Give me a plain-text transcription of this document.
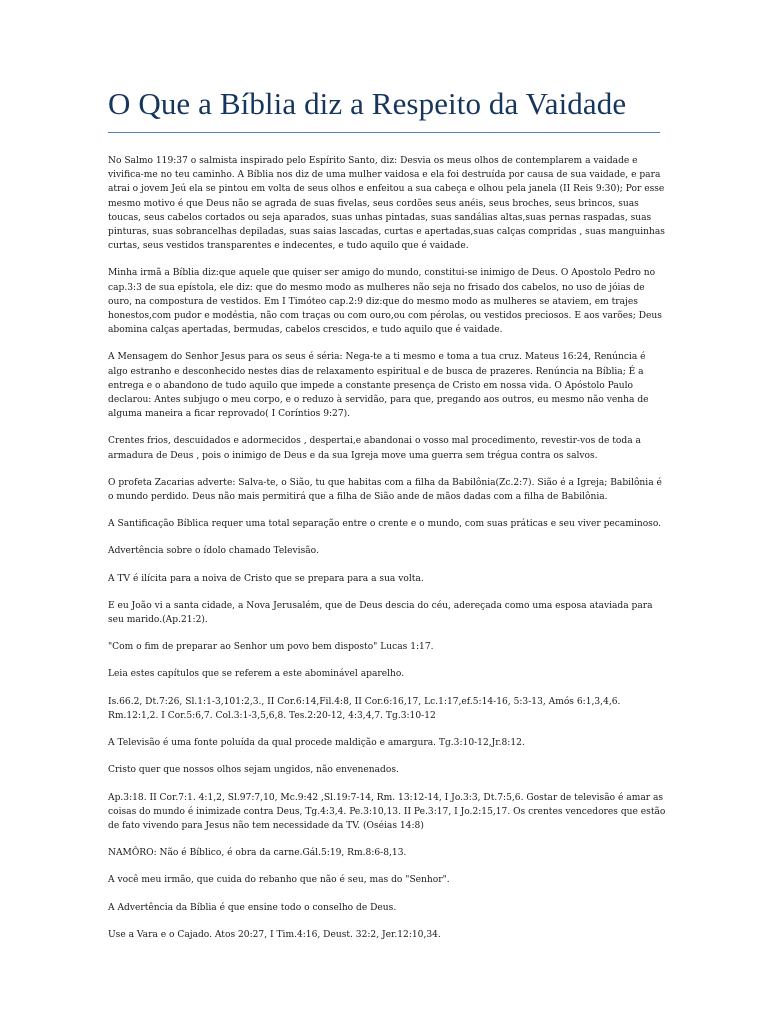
O Que a Bíblia diz a Respeito da Vaidade

No Salmo 119:37 o salmista inspirado pelo Espírito Santo, diz: Desvia os meus olhos de contemplarem a vaidade e vivifica-me no teu caminho. A Bíblia nos diz de uma mulher vaidosa e ela foi destruída por causa de sua vaidade, e para atrai o jovem Jeú ela se pintou em volta de seus olhos e enfeitou a sua cabeça e olhou pela janela (II Reis 9:30); Por esse mesmo motivo é que Deus não se agrada de suas fivelas, seus cordões seus anéis, seus broches, seus brincos, suas toucas, seus cabelos cortados ou seja aparados, suas unhas pintadas, suas sandálias altas,suas pernas raspadas, suas pinturas, suas sobrancelhas depiladas, suas saias lascadas, curtas e apertadas,suas calças compridas , suas manguinhas curtas, seus vestidos transparentes e indecentes, e tudo aquilo que é vaidade.

Minha irmã a Bíblia diz:que aquele que quiser ser amigo do mundo, constitui-se inimigo de Deus. O Apostolo Pedro no cap.3:3 de sua epístola, ele diz: que do mesmo modo as mulheres não seja no frisado dos cabelos, no uso de jóias de ouro, na compostura de vestidos. Em I Timóteo cap.2:9 diz:que do mesmo modo as mulheres se ataviem, em trajes honestos,com pudor e modéstia, não com traças ou com ouro,ou com pérolas, ou vestidos preciosos. E aos varões; Deus abomina calças apertadas, bermudas, cabelos crescidos, e tudo aquilo que é vaidade.

A Mensagem do Senhor Jesus para os seus é séria: Nega-te a ti mesmo e toma a tua cruz. Mateus 16:24, Renúncia é algo estranho e desconhecido nestes dias de relaxamento espiritual e de busca de prazeres. Renúncia na Bíblia; É a entrega e o abandono de tudo aquilo que impede a constante presença de Cristo em nossa vida. O Apóstolo Paulo declarou: Antes subjugo o meu corpo, e o reduzo à servidão, para que, pregando aos outros, eu mesmo não venha de alguma maneira a ficar reprovado( I Coríntios 9:27).

Crentes frios, descuidados e adormecidos , despertai,e abandonai o vosso mal procedimento, revestir-vos de toda a armadura de Deus , pois o inimigo de Deus e da sua Igreja move uma guerra sem trégua contra os salvos.

O profeta Zacarias adverte: Salva-te, o Sião, tu que habitas com a filha da Babilônia(Zc.2:7). Sião é a Igreja; Babilônia é o mundo perdido. Deus não mais permitirá que a filha de Sião ande de mãos dadas com a filha de Babilônia.

A Santificação Bíblica requer uma total separação entre o crente e o mundo, com suas práticas e seu viver pecaminoso.

Advertência sobre o ídolo chamado Televisão.

A TV é ilícita para a noiva de Cristo que se prepara para a sua volta.

E eu João vi a santa cidade, a Nova Jerusalém, que de Deus descia do céu, adereçada como uma esposa ataviada para seu marido.(Ap.21:2).

"Com o fim de preparar ao Senhor um povo bem disposto" Lucas 1:17.

Leia estes capítulos que se referem a este abominável aparelho.

Is.66.2, Dt.7:26, Sl.1:1-3,101:2,3., II Cor.6:14,Fil.4:8, II Cor.6:16,17, Lc.1:17,ef.5:14-16, 5:3-13, Amós 6:1,3,4,6. Rm.12:1,2. I Cor.5:6,7. Col.3:1-3,5,6,8. Tes.2:20-12, 4:3,4,7. Tg.3:10-12

A Televisão é uma fonte poluída da qual procede maldição e amargura. Tg.3:10-12,Jr.8:12.

Cristo quer que nossos olhos sejam ungidos, não envenenados.

Ap.3:18. II Cor.7:1. 4:1,2, Sl.97:7,10, Mc.9:42 ,Sl.19:7-14, Rm. 13:12-14, I Jo.3:3, Dt.7:5,6. Gostar de televisão é amar as coisas do mundo é inimizade contra Deus, Tg.4:3,4. Pe.3:10,13. II Pe.3:17, I Jo.2:15,17. Os crentes vencedores que estão de fato vivendo para Jesus não tem necessidade da TV. (Oséias 14:8)

NAMÔRO: Não é Bíblico, é obra da carne.Gál.5:19, Rm.8:6-8,13.

A você meu irmão, que cuida do rebanho que não é seu, mas do "Senhor".

A Advertência da Bíblia é que ensine todo o conselho de Deus.

Use a Vara e o Cajado. Atos 20:27, I Tim.4:16, Deust. 32:2, Jer.12:10,34.
